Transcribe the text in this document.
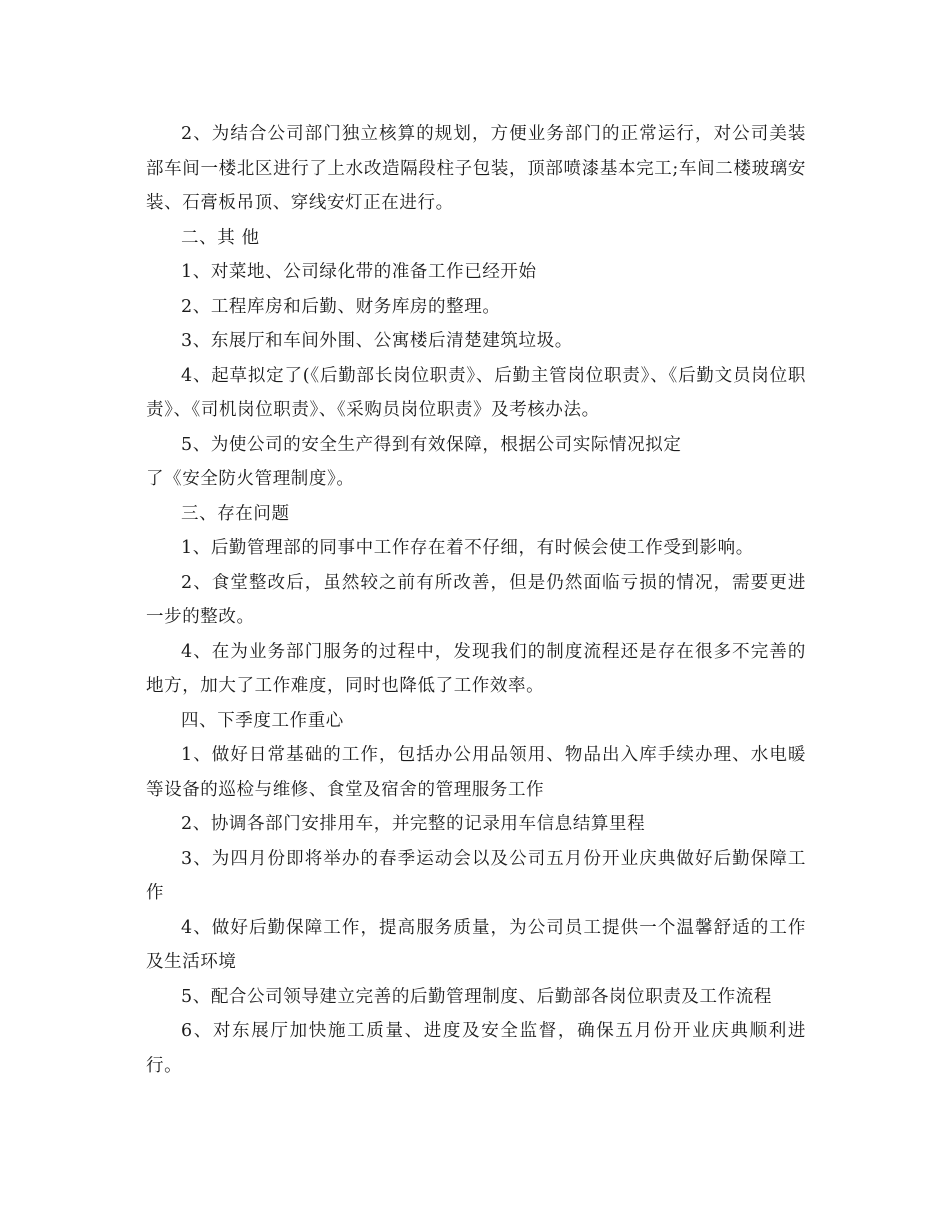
2、为结合公司部门独立核算的规划，方便业务部门的正常运行，对公司美装部车间一楼北区进行了上水改造隔段柱子包装，顶部喷漆基本完工;车间二楼玻璃安装、石膏板吊顶、穿线安灯正在进行。

二、其 他

1、对菜地、公司绿化带的准备工作已经开始

2、工程库房和后勤、财务库房的整理。

3、东展厅和车间外围、公寓楼后清楚建筑垃圾。

4、起草拟定了(《后勤部长岗位职责》、后勤主管岗位职责》、《后勤文员岗位职责》、《司机岗位职责》、《采购员岗位职责》及考核办法。

5、为使公司的安全生产得到有效保障，根据公司实际情况拟定

了《安全防火管理制度》。

三、存在问题

1、后勤管理部的同事中工作存在着不仔细，有时候会使工作受到影响。

2、食堂整改后，虽然较之前有所改善，但是仍然面临亏损的情况，需要更进一步的整改。

4、在为业务部门服务的过程中，发现我们的制度流程还是存在很多不完善的地方，加大了工作难度，同时也降低了工作效率。

四、下季度工作重心

1、做好日常基础的工作，包括办公用品领用、物品出入库手续办理、水电暖等设备的巡检与维修、食堂及宿舍的管理服务工作

2、协调各部门安排用车，并完整的记录用车信息结算里程

3、为四月份即将举办的春季运动会以及公司五月份开业庆典做好后勤保障工作

4、做好后勤保障工作，提高服务质量，为公司员工提供一个温馨舒适的工作及生活环境

5、配合公司领导建立完善的后勤管理制度、后勤部各岗位职责及工作流程

6、对东展厅加快施工质量、进度及安全监督，确保五月份开业庆典顺利进行。
